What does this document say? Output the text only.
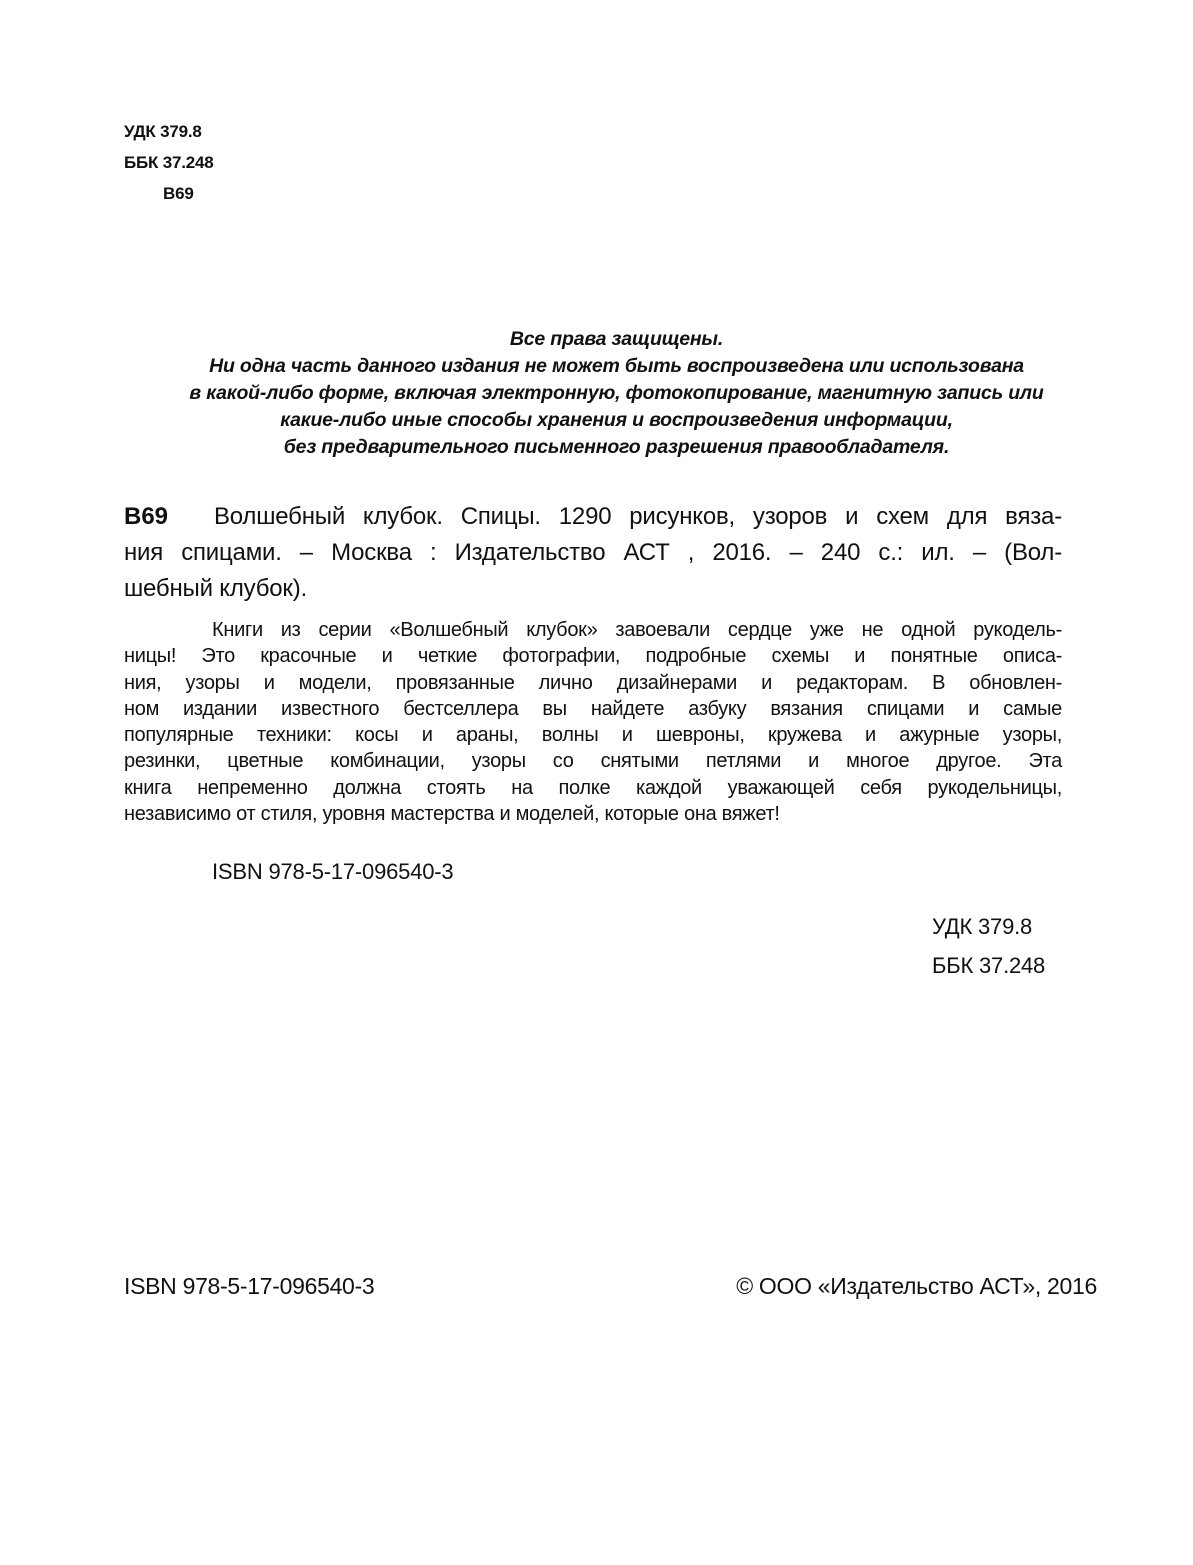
УДК 379.8
ББК 37.248
В69
Все права защищены.
Ни одна часть данного издания не может быть воспроизведена или использована
в какой-либо форме, включая электронную, фотокопирование, магнитную запись или
какие-либо иные способы хранения и воспроизведения информации,
без предварительного письменного разрешения правообладателя.
В69 Волшебный клубок. Спицы. 1290 рисунков, узоров и схем для вяза-
ния спицами. – Москва : Издательство АСТ , 2016. – 240 с.: ил. – (Вол-
шебный клубок).
Книги из серии «Волшебный клубок» завоевали сердце уже не одной рукодель-
ницы! Это красочные и четкие фотографии, подробные схемы и понятные описа-
ния, узоры и модели, провязанные лично дизайнерами и редакторам. В обновлен-
ном издании известного бестселлера вы найдете азбуку вязания спицами и самые
популярные техники: косы и араны, волны и шевроны, кружева и ажурные узоры,
резинки, цветные комбинации, узоры со снятыми петлями и многое другое. Эта
книга непременно должна стоять на полке каждой уважающей себя рукодельницы,
независимо от стиля, уровня мастерства и моделей, которые она вяжет!
ISBN 978-5-17-096540-3
УДК 379.8
ББК 37.248
ISBN 978-5-17-096540-3	© ООО «Издательство АСТ», 2016
